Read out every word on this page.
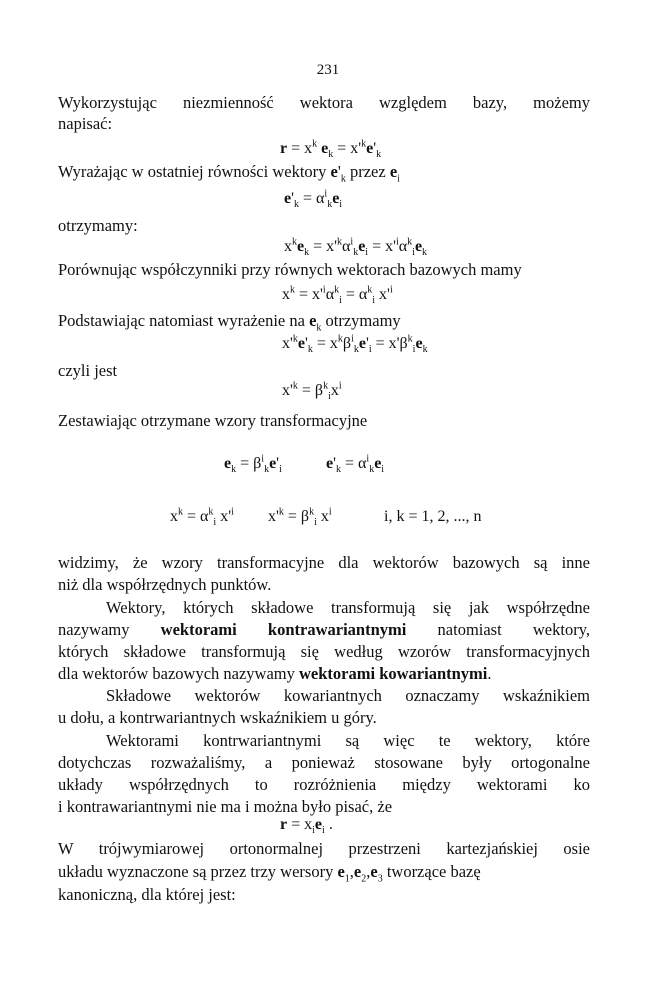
231
Wykorzystując niezmienność wektora względem bazy, możemy
napisać:
$r = x^k$ $e_k = x'^ke'_k$
Wyrażając w ostatniej równości wektory $e'_k$ przez $e_i$
$e'_k = \alpha^i_ke_i$
otrzymamy:
$x^ke_k = x'^k\alpha^i_ke_i = x'^i\alpha^k_ie_k$
Porównując współczynniki przy równych wektorach bazowych mamy
$x^k = x'^i\alpha^k_i = \alpha^k_i$ $x'^i$
Podstawiając natomiast wyrażenie na $e_k$ otrzymamy
$x'^ke'_k = x^k\beta^i_ke'_i = x'\beta^k_ie_k$
czyli jest
$x'^k = \beta^k_ix^i$
Zestawiając otrzymane wzory transformacyjne
$e_k = \beta^i_ke'_i$	$e'_k = \alpha^i_ke_i$
$x^k = \alpha^k_i$ $x'^i$ $x'^k = \beta^k_i$ $x^i$	i, k = 1, 2, ..., n
widzimy, że wzory transformacyjne dla wektorów bazowych są inne
niż dla współrzędnych punktów.
Wektory, których składowe transformują się jak współrzędne
nazywamy wektorami kontrawariantnymi natomiast wektory,
których składowe transformują się według wzorów transformacyjnych
dla wektorów bazowych nazywamy wektorami kowariantnymi.
Składowe wektorów kowariantnych oznaczamy wskaźnikiem
u dołu, a kontrwariantnych wskaźnikiem u góry.
Wektorami kontrwariantnymi są więc te wektory, które
dotychczas rozważaliśmy, a ponieważ stosowane były ortogonalne
układy współrzędnych to rozróżnienia między wektorami ko
i kontrawariantnymi nie ma i można było pisać, że
$r = x_ie_i$ .
W trójwymiarowej ortonormalnej przestrzeni kartezjańskiej osie
układu wyznaczone są przez trzy wersory $e_1,e_2,e_3$ tworzące bazę
kanoniczną, dla której jest:
